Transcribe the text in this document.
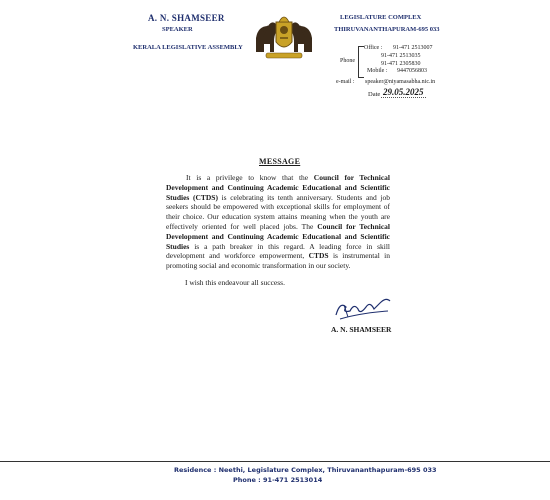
A. N. SHAMSEER
SPEAKER
KERALA LEGISLATIVE ASSEMBLY
LEGISLATURE COMPLEX
THIRUVANANTHAPURAM-695 033
Phone
Office : 91-471 2513007
91-471 2513035
91-471 2305830
Mobile : 9447056803
e-mail : speaker@niyamasabha.nic.in
Date 29.05.2025
MESSAGE

It is a privilege to know that the Council for Technical Development and Continuing Academic Educational and Scientific Studies (CTDS) is celebrating its tenth anniversary. Students and job seekers should be empowered with exceptional skills for employment of their choice. Our education system attains meaning when the youth are effectively oriented for well placed jobs. The Council for Technical Development and Continuing Academic Educational and Scientific Studies is a path breaker in this regard. A leading force in skill development and workforce empowerment, CTDS is instrumental in promoting social and economic transformation in our society.

I wish this endeavour all success.
A. N. SHAMSEER
Residence : Neethi, Legislature Complex, Thiruvananthapuram-695 033
Phone : 91-471 2513014
